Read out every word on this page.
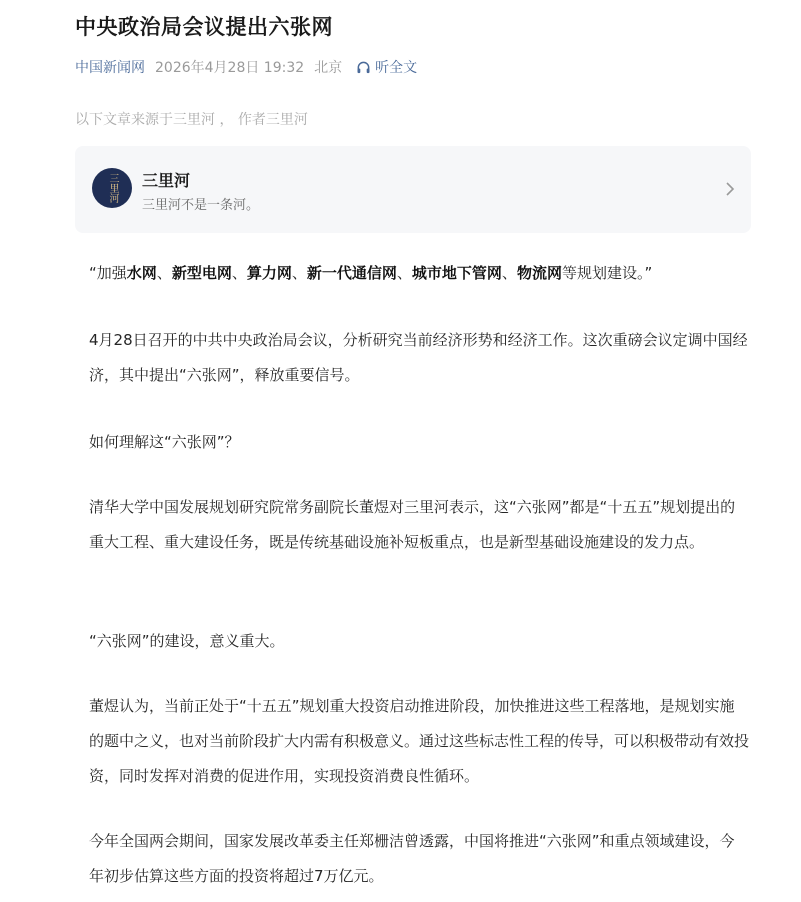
中央政治局会议提出六张网
中国新闻网 2026年4月28日 19:32 北京 听全文
以下文章来源于三里河 ， 作者三里河
三里河 三里河
三里河不是一条河。

“加强水网、新型电网、算力网、新一代通信网、城市地下管网、物流网等规划建设。”

4月28日召开的中共中央政治局会议，分析研究当前经济形势和经济工作。这次重磅会议定调中国经济，其中提出“六张网”，释放重要信号。

如何理解这“六张网”？

清华大学中国发展规划研究院常务副院长董煜对三里河表示，这“六张网”都是“十五五”规划提出的重大工程、重大建设任务，既是传统基础设施补短板重点，也是新型基础设施建设的发力点。

“六张网”的建设，意义重大。

董煜认为，当前正处于“十五五”规划重大投资启动推进阶段，加快推进这些工程落地，是规划实施的题中之义，也对当前阶段扩大内需有积极意义。通过这些标志性工程的传导，可以积极带动有效投资，同时发挥对消费的促进作用，实现投资消费良性循环。

今年全国两会期间，国家发展改革委主任郑栅洁曾透露，中国将推进“六张网”和重点领域建设，今年初步估算这些方面的投资将超过7万亿元。
